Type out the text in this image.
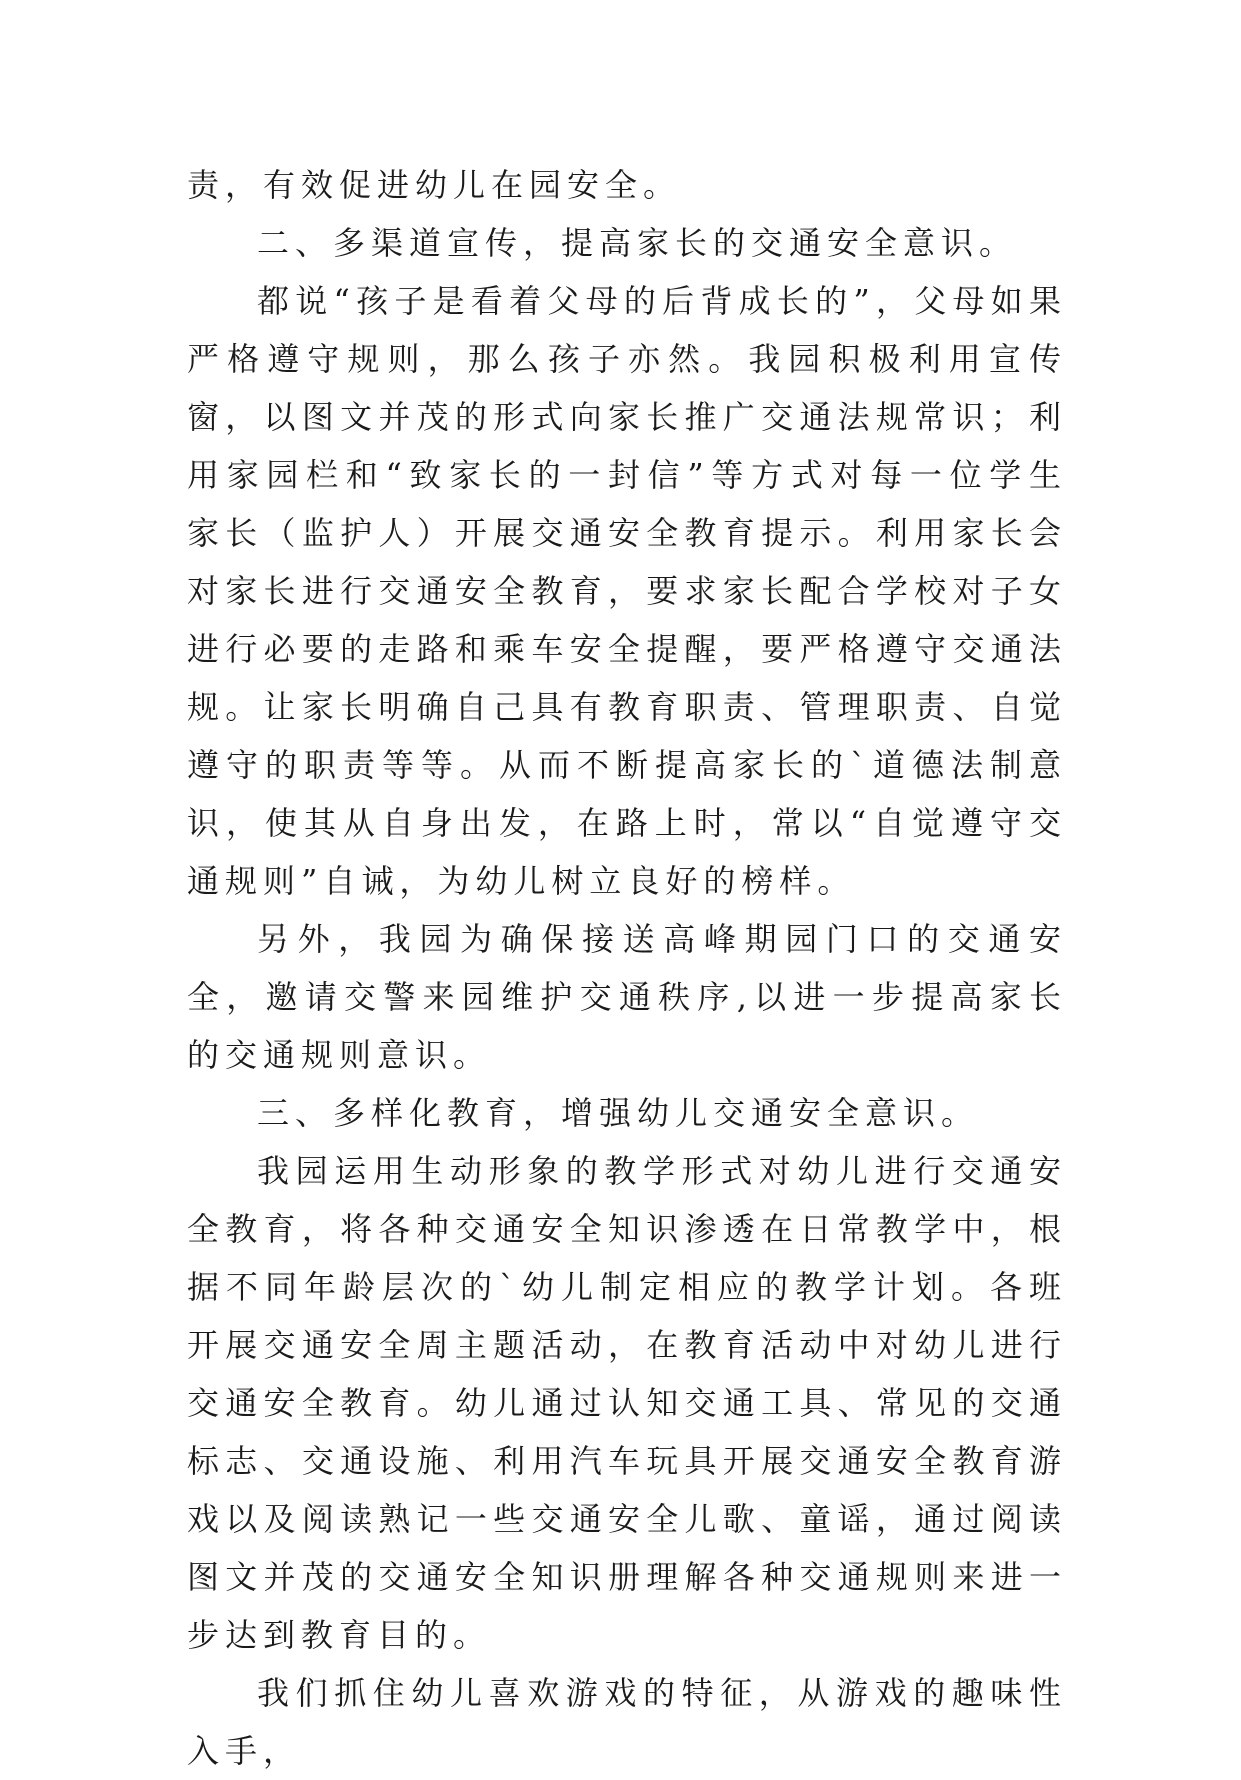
责，有效促进幼儿在园安全。

二、多渠道宣传，提高家长的交通安全意识。

都说“孩子是看着父母的后背成长的”，父母如果严格遵守规则，那么孩子亦然。我园积极利用宣传窗，以图文并茂的形式向家长推广交通法规常识；利用家园栏和“致家长的一封信”等方式对每一位学生家长（监护人）开展交通安全教育提示。利用家长会对家长进行交通安全教育，要求家长配合学校对子女进行必要的走路和乘车安全提醒，要严格遵守交通法规。让家长明确自己具有教育职责、管理职责、自觉遵守的职责等等。从而不断提高家长的`道德法制意识，使其从自身出发，在路上时，常以“自觉遵守交通规则”自诫，为幼儿树立良好的榜样。

另外，我园为确保接送高峰期园门口的交通安全，邀请交警来园维护交通秩序,以进一步提高家长的交通规则意识。

三、多样化教育，增强幼儿交通安全意识。

我园运用生动形象的教学形式对幼儿进行交通安全教育，将各种交通安全知识渗透在日常教学中，根据不同年龄层次的`幼儿制定相应的教学计划。各班开展交通安全周主题活动，在教育活动中对幼儿进行交通安全教育。幼儿通过认知交通工具、常见的交通标志、交通设施、利用汽车玩具开展交通安全教育游戏以及阅读熟记一些交通安全儿歌、童谣，通过阅读图文并茂的交通安全知识册理解各种交通规则来进一步达到教育目的。

我们抓住幼儿喜欢游戏的特征，从游戏的趣味性入手，
